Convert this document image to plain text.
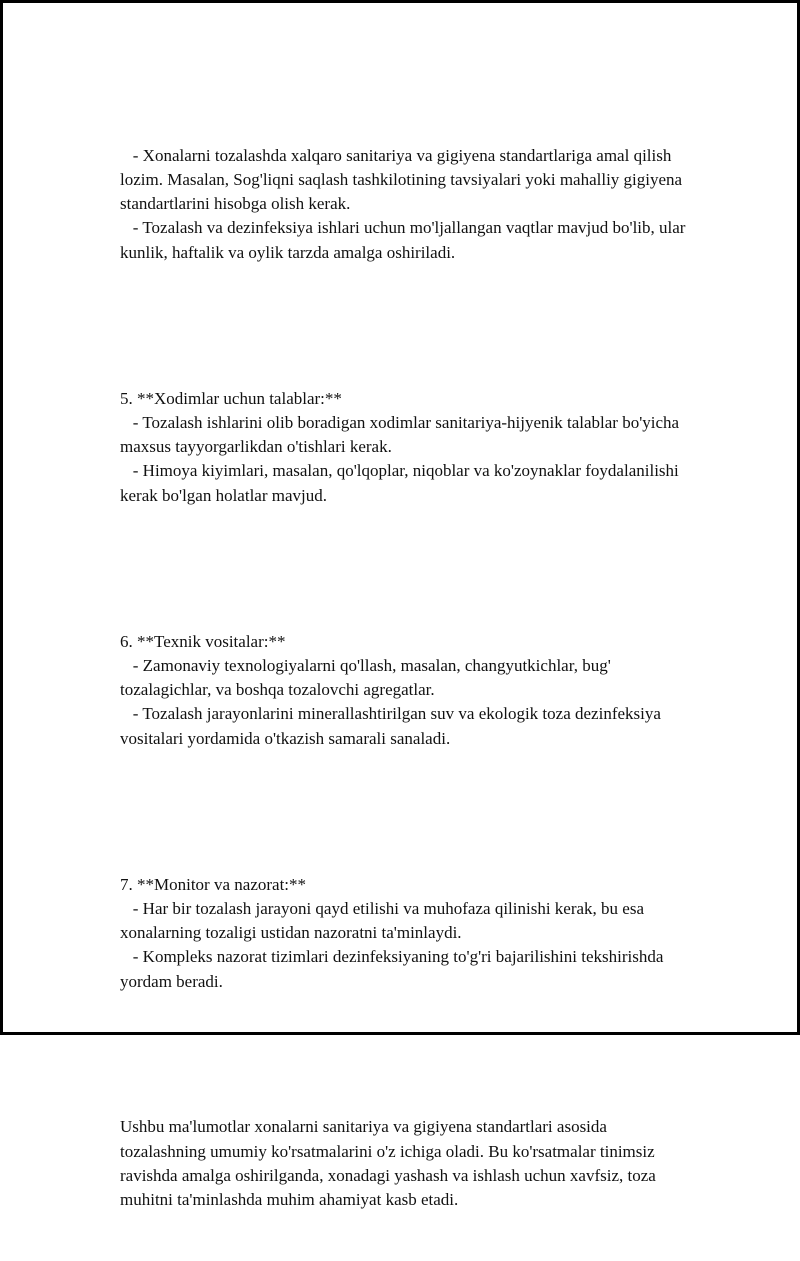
- Xonalarni tozalashda xalqaro sanitariya va gigiyena standartlariga amal qilish lozim. Masalan, Sog'liqni saqlash tashkilotining tavsiyalari yoki mahalliy gigiyena standartlarini hisobga olish kerak.
- Tozalash va dezinfeksiya ishlari uchun mo'ljallangan vaqtlar mavjud bo'lib, ular kunlik, haftalik va oylik tarzda amalga oshiriladi.

5. **Xodimlar uchun talablar:**
- Tozalash ishlarini olib boradigan xodimlar sanitariya-hijyenik talablar bo'yicha maxsus tayyorgarlikdan o'tishlari kerak.
- Himoya kiyimlari, masalan, qo'lqoplar, niqoblar va ko'zoynaklar foydalanilishi kerak bo'lgan holatlar mavjud.

6. **Texnik vositalar:**
- Zamonaviy texnologiyalarni qo'llash, masalan, changyutkichlar, bug' tozalagichlar, va boshqa tozalovchi agregatlar.
- Tozalash jarayonlarini minerallashtirilgan suv va ekologik toza dezinfeksiya vositalari yordamida o'tkazish samarali sanaladi.

7. **Monitor va nazorat:**
- Har bir tozalash jarayoni qayd etilishi va muhofaza qilinishi kerak, bu esa xonalarning tozaligi ustidan nazoratni ta'minlaydi.
- Kompleks nazorat tizimlari dezinfeksiyaning to'g'ri bajarilishini tekshirishda yordam beradi.

Ushbu ma'lumotlar xonalarni sanitariya va gigiyena standartlari asosida tozalashning umumiy ko'rsatmalarini o'z ichiga oladi. Bu ko'rsatmalar tinimsiz ravishda amalga oshirilganda, xonadagi yashash va ishlash uchun xavfsiz, toza muhitni ta'minlashda muhim ahamiyat kasb etadi.
